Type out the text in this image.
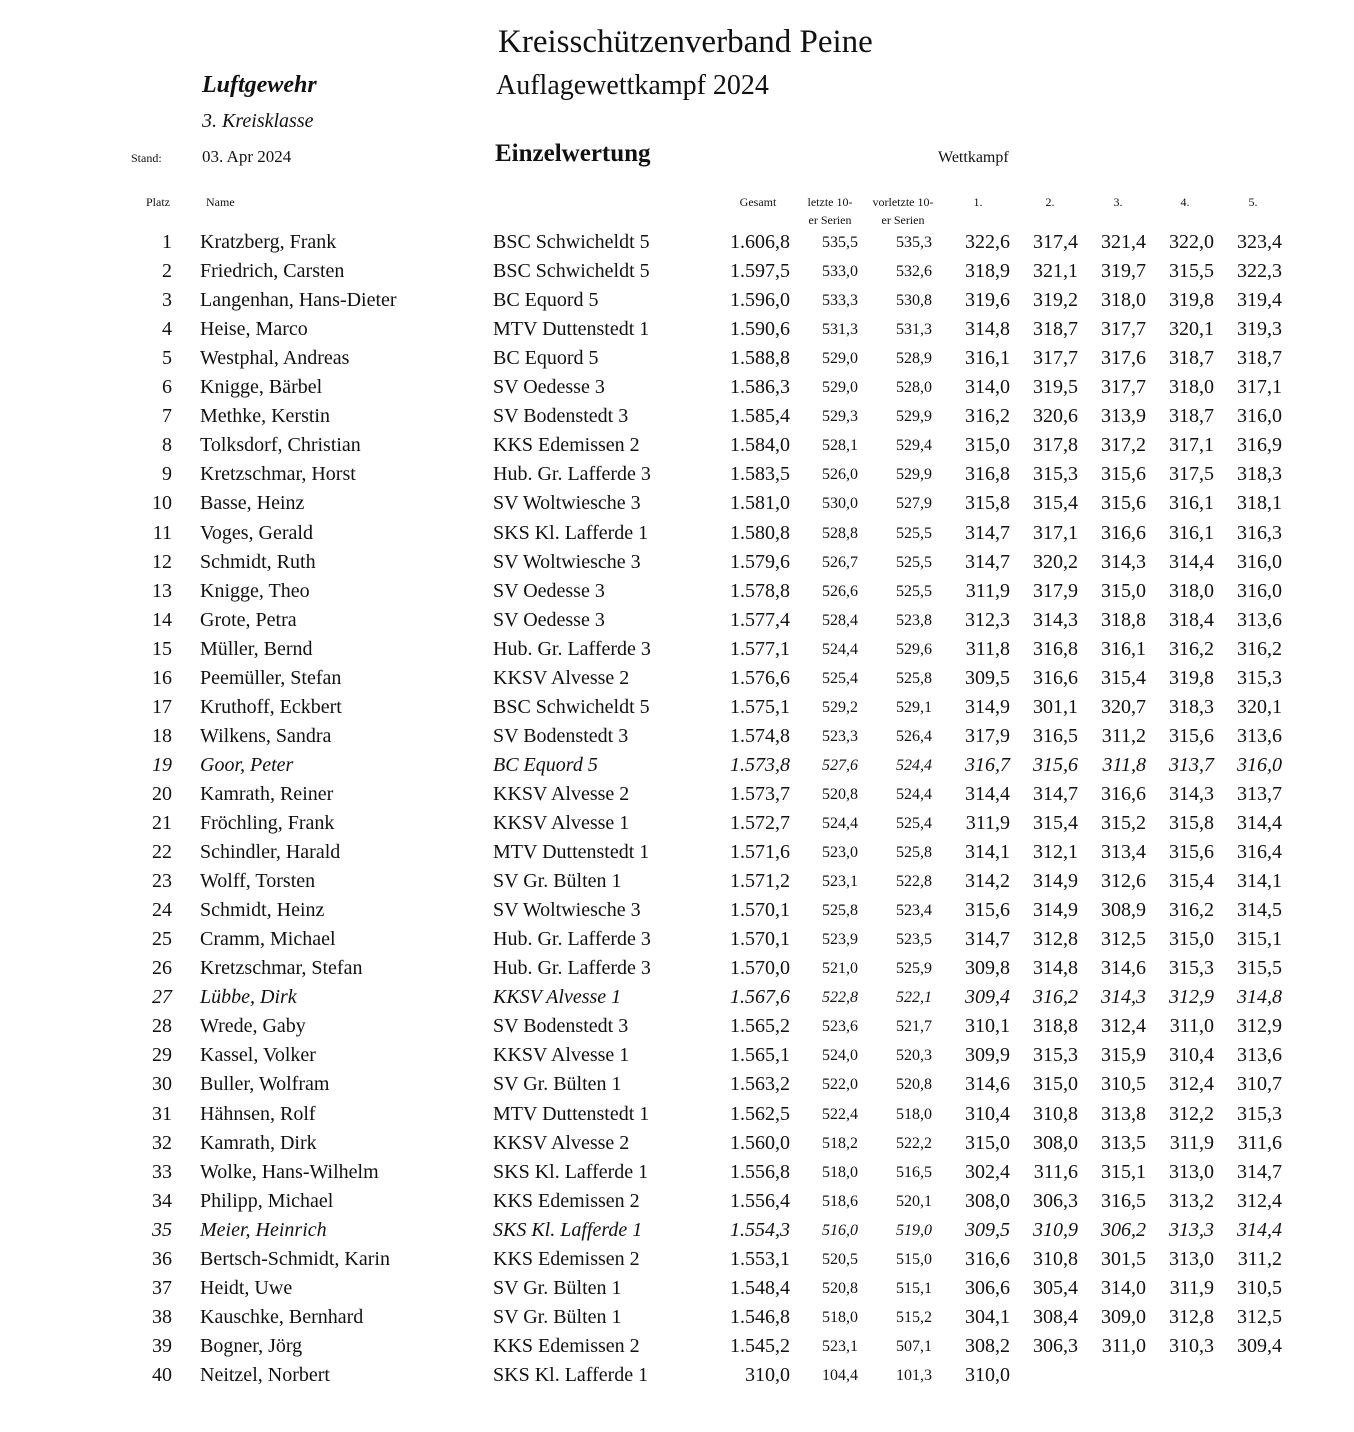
Kreisschützenverband Peine
Auflagewettkampf 2024
Luftgewehr
3. Kreisklasse
Stand: 03. Apr 2024	Einzelwertung	Wettkampf
Platz	Name	Gesamt	letzte 10-
er Serien
vorletzte 10-
er Serien
1.	2.	3.	4.	5.
1 Kratzberg, Frank	BSC Schwicheldt 5	1.606,8	535,5	535,3	322,6	317,4	321,4	322,0	323,4
2 Friedrich, Carsten	BSC Schwicheldt 5	1.597,5	533,0	532,6	318,9	321,1	319,7	315,5	322,3
3 Langenhan, Hans-Dieter	BC Equord 5	1.596,0	533,3	530,8	319,6	319,2	318,0	319,8	319,4
4 Heise, Marco	MTV Duttenstedt 1	1.590,6	531,3	531,3	314,8	318,7	317,7	320,1	319,3
5 Westphal, Andreas	BC Equord 5	1.588,8	529,0	528,9	316,1	317,7	317,6	318,7	318,7
6 Knigge, Bärbel	SV Oedesse 3	1.586,3	529,0	528,0	314,0	319,5	317,7	318,0	317,1
7 Methke, Kerstin	SV Bodenstedt 3	1.585,4	529,3	529,9	316,2	320,6	313,9	318,7	316,0
8 Tolksdorf, Christian	KKS Edemissen 2	1.584,0	528,1	529,4	315,0	317,8	317,2	317,1	316,9
9 Kretzschmar, Horst	Hub. Gr. Lafferde 3	1.583,5	526,0	529,9	316,8	315,3	315,6	317,5	318,3
10 Basse, Heinz	SV Woltwiesche 3	1.581,0	530,0	527,9	315,8	315,4	315,6	316,1	318,1
11 Voges, Gerald	SKS Kl. Lafferde 1	1.580,8	528,8	525,5	314,7	317,1	316,6	316,1	316,3
12 Schmidt, Ruth	SV Woltwiesche 3	1.579,6	526,7	525,5	314,7	320,2	314,3	314,4	316,0
13 Knigge, Theo	SV Oedesse 3	1.578,8	526,6	525,5	311,9	317,9	315,0	318,0	316,0
14 Grote, Petra	SV Oedesse 3	1.577,4	528,4	523,8	312,3	314,3	318,8	318,4	313,6
15 Müller, Bernd	Hub. Gr. Lafferde 3	1.577,1	524,4	529,6	311,8	316,8	316,1	316,2	316,2
16 Peemüller, Stefan	KKSV Alvesse 2	1.576,6	525,4	525,8	309,5	316,6	315,4	319,8	315,3
17 Kruthoff, Eckbert	BSC Schwicheldt 5	1.575,1	529,2	529,1	314,9	301,1	320,7	318,3	320,1
18 Wilkens, Sandra	SV Bodenstedt 3	1.574,8	523,3	526,4	317,9	316,5	311,2	315,6	313,6
19 Goor, Peter	BC Equord 5	1.573,8	527,6	524,4	316,7	315,6	311,8	313,7	316,0
20 Kamrath, Reiner	KKSV Alvesse 2	1.573,7	520,8	524,4	314,4	314,7	316,6	314,3	313,7
21 Fröchling, Frank	KKSV Alvesse 1	1.572,7	524,4	525,4	311,9	315,4	315,2	315,8	314,4
22 Schindler, Harald	MTV Duttenstedt 1	1.571,6	523,0	525,8	314,1	312,1	313,4	315,6	316,4
23 Wolff, Torsten	SV Gr. Bülten 1	1.571,2	523,1	522,8	314,2	314,9	312,6	315,4	314,1
24 Schmidt, Heinz	SV Woltwiesche 3	1.570,1	525,8	523,4	315,6	314,9	308,9	316,2	314,5
25 Cramm, Michael	Hub. Gr. Lafferde 3	1.570,1	523,9	523,5	314,7	312,8	312,5	315,0	315,1
26 Kretzschmar, Stefan	Hub. Gr. Lafferde 3	1.570,0	521,0	525,9	309,8	314,8	314,6	315,3	315,5
27 Lübbe, Dirk	KKSV Alvesse 1	1.567,6	522,8	522,1	309,4	316,2	314,3	312,9	314,8
28 Wrede, Gaby	SV Bodenstedt 3	1.565,2	523,6	521,7	310,1	318,8	312,4	311,0	312,9
29 Kassel, Volker	KKSV Alvesse 1	1.565,1	524,0	520,3	309,9	315,3	315,9	310,4	313,6
30 Buller, Wolfram	SV Gr. Bülten 1	1.563,2	522,0	520,8	314,6	315,0	310,5	312,4	310,7
31 Hähnsen, Rolf	MTV Duttenstedt 1	1.562,5	522,4	518,0	310,4	310,8	313,8	312,2	315,3
32 Kamrath, Dirk	KKSV Alvesse 2	1.560,0	518,2	522,2	315,0	308,0	313,5	311,9	311,6
33 Wolke, Hans-Wilhelm	SKS Kl. Lafferde 1	1.556,8	518,0	516,5	302,4	311,6	315,1	313,0	314,7
34 Philipp, Michael	KKS Edemissen 2	1.556,4	518,6	520,1	308,0	306,3	316,5	313,2	312,4
35 Meier, Heinrich	SKS Kl. Lafferde 1	1.554,3	516,0	519,0	309,5	310,9	306,2	313,3	314,4
36 Bertsch-Schmidt, Karin	KKS Edemissen 2	1.553,1	520,5	515,0	316,6	310,8	301,5	313,0	311,2
37 Heidt, Uwe	SV Gr. Bülten 1	1.548,4	520,8	515,1	306,6	305,4	314,0	311,9	310,5
38 Kauschke, Bernhard	SV Gr. Bülten 1	1.546,8	518,0	515,2	304,1	308,4	309,0	312,8	312,5
39 Bogner, Jörg	KKS Edemissen 2	1.545,2	523,1	507,1	308,2	306,3	311,0	310,3	309,4
40 Neitzel, Norbert	SKS Kl. Lafferde 1	310,0	104,4	101,3	310,0
